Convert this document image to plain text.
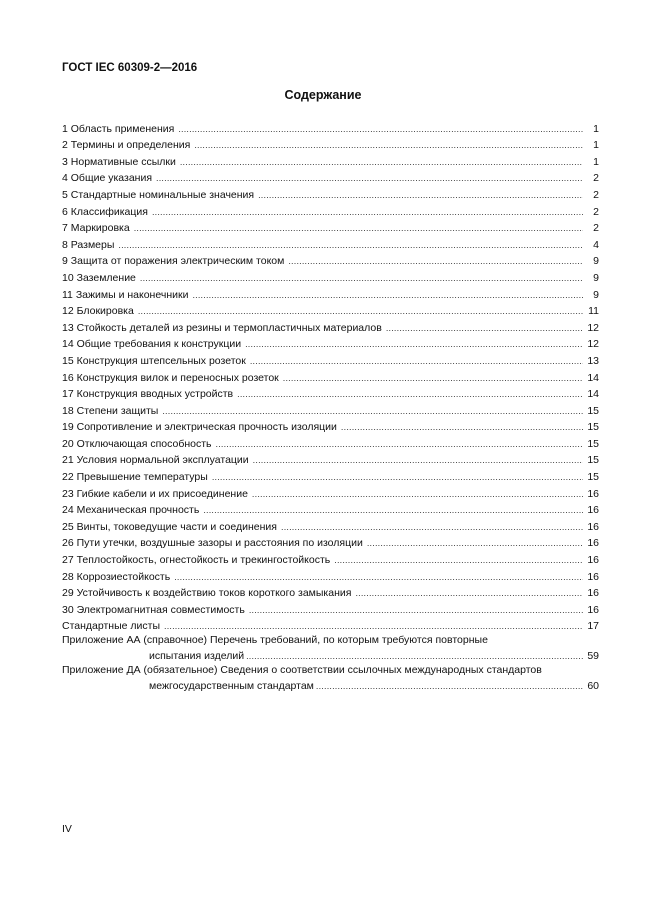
ГОСТ IEC 60309-2—2016
Содержание
1 Область применения .....	1
2 Термины и определения .....	1
3 Нормативные ссылки .....	1
4 Общие указания .....	2
5 Стандартные номинальные значения .....	2
6 Классификация .....	2
7 Маркировка .....	2
8 Размеры .....	4
9 Защита от поражения электрическим током .....	9
10 Заземление .....	9
11 Зажимы и наконечники .....	9
12 Блокировка .....	11
13 Стойкость деталей из резины и термопластичных материалов .....	12
14 Общие требования к конструкции .....	12
15 Конструкция штепсельных розеток .....	13
16 Конструкция вилок и переносных розеток .....	14
17 Конструкция вводных устройств .....	14
18 Степени защиты .....	15
19 Сопротивление и электрическая прочность изоляции .....	15
20 Отключающая способность .....	15
21 Условия нормальной эксплуатации .....	15
22 Превышение температуры .....	15
23 Гибкие кабели и их присоединение .....	16
24 Механическая прочность .....	16
25 Винты, токоведущие части и соединения .....	16
26 Пути утечки, воздушные зазоры и расстояния по изоляции .....	16
27 Теплостойкость, огнестойкость и трекингостойкость .....	16
28 Коррозиестойкость .....	16
29 Устойчивость к воздействию токов короткого замыкания .....	16
30 Электромагнитная совместимость .....	16
Стандартные листы .....	17
Приложение АА (справочное) Перечень требований, по которым требуются повторные
испытания изделий .....	59
Приложение ДА (обязательное) Сведения о соответствии ссылочных международных стандартов
межгосударственным стандартам .....	60
IV
